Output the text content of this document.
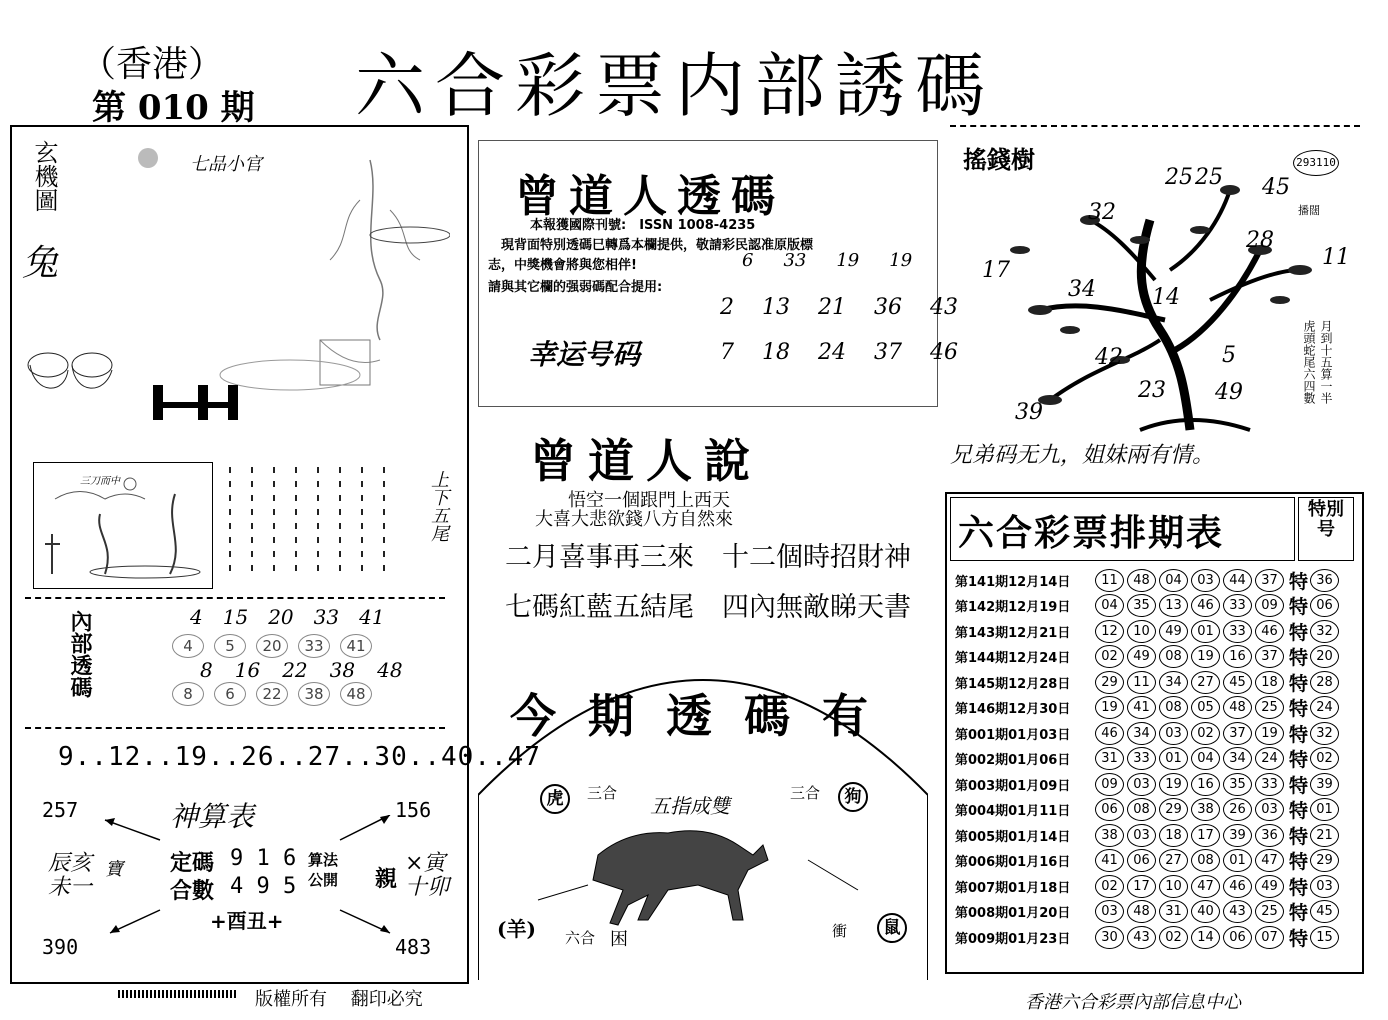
（香港）
第 010 期 六合彩票内部誘碼
玄機圖
兔
七品小官
三刀而中	上下五尾
內部透碼	4 15 20 33 41
4	5	20	33	41
8 16 22 38 48
8	6	22	38	48
9..12..19..26..27..30..40..47
神算表
257	156
390	483
辰亥
未一
寶	×寅
十卯
親
定碼 9 1 6
合數 4 9 5
算法公開
+酉丑+
曾道人透碼
本報獲國際刊號:　ISSN 1008-4235
　現背面特別透碼巳轉爲本欄提供，敬請彩民認准原版標
志，中獎機會將與您相伴!
請與其它欄的强弱碼配合提用:
6 33 19 19
2 13 21 36 43
幸运号码	7 18 24 37 46
曾道人說
悟空一個跟門上西天
大喜大悲欲錢八方自然來
二月喜事再三來 十二個時招財神
七碼紅藍五結尾 四內無敵睇天書
今期透碼有
五指成雙
虎	狗
(羊)	鼠
三合	三合
六合	衝
困
搖錢樹	293110
播闊
25 25 45
32
28
11
17
34	14
5
42
23 49
39
月到十五算一半
虎頭蛇尾六四數
兄弟码无九，姐妹兩有情。
六合彩票排期表
特別号
第141期12月14日	11	48	04	03	44	37 特 36
第142期12月19日	04	35	13	46	33	09 特 06
第143期12月21日	12	10	49	01	33	46 特 32
第144期12月24日	02	49	08	19	16	37 特 20
第145期12月28日	29	11	34	27	45	18 特 28
第146期12月30日	19	41	08	05	48	25 特 24
第001期01月03日	46	34	03	02	37	19 特 32
第002期01月06日	31	33	01	04	34	24 特 02
第003期01月09日	09	03	19	16	35	33 特 39
第004期01月11日	06	08	29	38	26	03 特 01
第005期01月14日	38	03	18	17	39	36 特 21
第006期01月16日	41	06	27	08	01	47 特 29
第007期01月18日	02	17	10	47	46	49 特 03
第008期01月20日	03	48	31	40	43	25 特 45
第009期01月23日	30	43	02	14	06	07 特 15
版權所有　 翻印必究	香港六合彩票內部信息中心
